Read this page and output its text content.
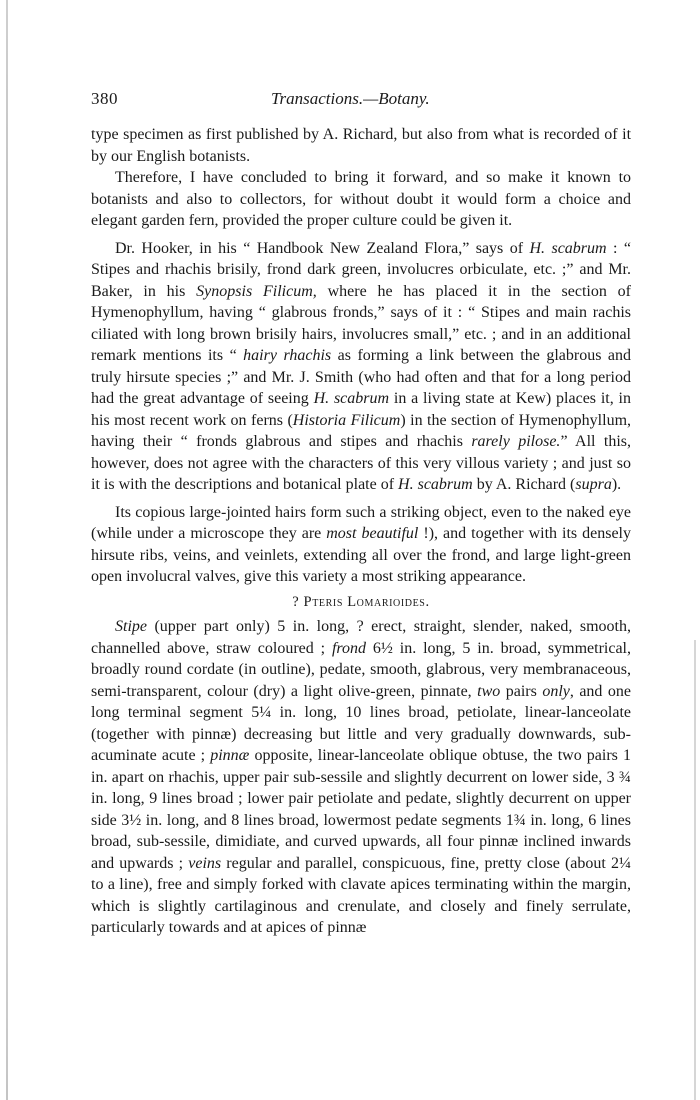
380	Transactions.—Botany.

type specimen as first published by A. Richard, but also from what is recorded of it by our English botanists.

Therefore, I have concluded to bring it forward, and so make it known to botanists and also to collectors, for without doubt it would form a choice and elegant garden fern, provided the proper culture could be given it.

Dr. Hooker, in his “ Handbook New Zealand Flora,” says of H. scabrum : “ Stipes and rhachis brisily, frond dark green, involucres orbiculate, etc. ;” and Mr. Baker, in his Synopsis Filicum, where he has placed it in the section of Hymenophyllum, having “ glabrous fronds,” says of it : “ Stipes and main rachis ciliated with long brown brisily hairs, involucres small,” etc. ; and in an additional remark mentions its “ hairy rhachis as forming a link between the glabrous and truly hirsute species ;” and Mr. J. Smith (who had often and that for a long period had the great advantage of seeing H. scabrum in a living state at Kew) places it, in his most recent work on ferns (Historia Filicum) in the section of Hymenophyllum, having their “ fronds glabrous and stipes and rhachis rarely pilose.” All this, however, does not agree with the characters of this very villous variety ; and just so it is with the descriptions and botanical plate of H. scabrum by A. Richard (supra).

Its copious large-jointed hairs form such a striking object, even to the naked eye (while under a microscope they are most beautiful !), and together with its densely hirsute ribs, veins, and veinlets, extending all over the frond, and large light-green open involucral valves, give this variety a most striking appearance.

? Pteris Lomarioides.

Stipe (upper part only) 5 in. long, ? erect, straight, slender, naked, smooth, channelled above, straw coloured ; frond 6½ in. long, 5 in. broad, symmetrical, broadly round cordate (in outline), pedate, smooth, glabrous, very membranaceous, semi-transparent, colour (dry) a light olive-green, pinnate, two pairs only, and one long terminal segment 5¼ in. long, 10 lines broad, petiolate, linear-lanceolate (together with pinnæ) decreasing but little and very gradually downwards, sub-acuminate acute ; pinnæ opposite, linear-lanceolate oblique obtuse, the two pairs 1 in. apart on rhachis, upper pair sub-sessile and slightly decurrent on lower side, 3 ¾ in. long, 9 lines broad ; lower pair petiolate and pedate, slightly decurrent on upper side 3½ in. long, and 8 lines broad, lowermost pedate segments 1¾ in. long, 6 lines broad, sub-sessile, dimidiate, and curved upwards, all four pinnæ inclined inwards and upwards ; veins regular and parallel, conspicuous, fine, pretty close (about 2¼ to a line), free and simply forked with clavate apices terminating within the margin, which is slightly cartilaginous and crenulate, and closely and finely serrulate, particularly towards and at apices of pinnæ
